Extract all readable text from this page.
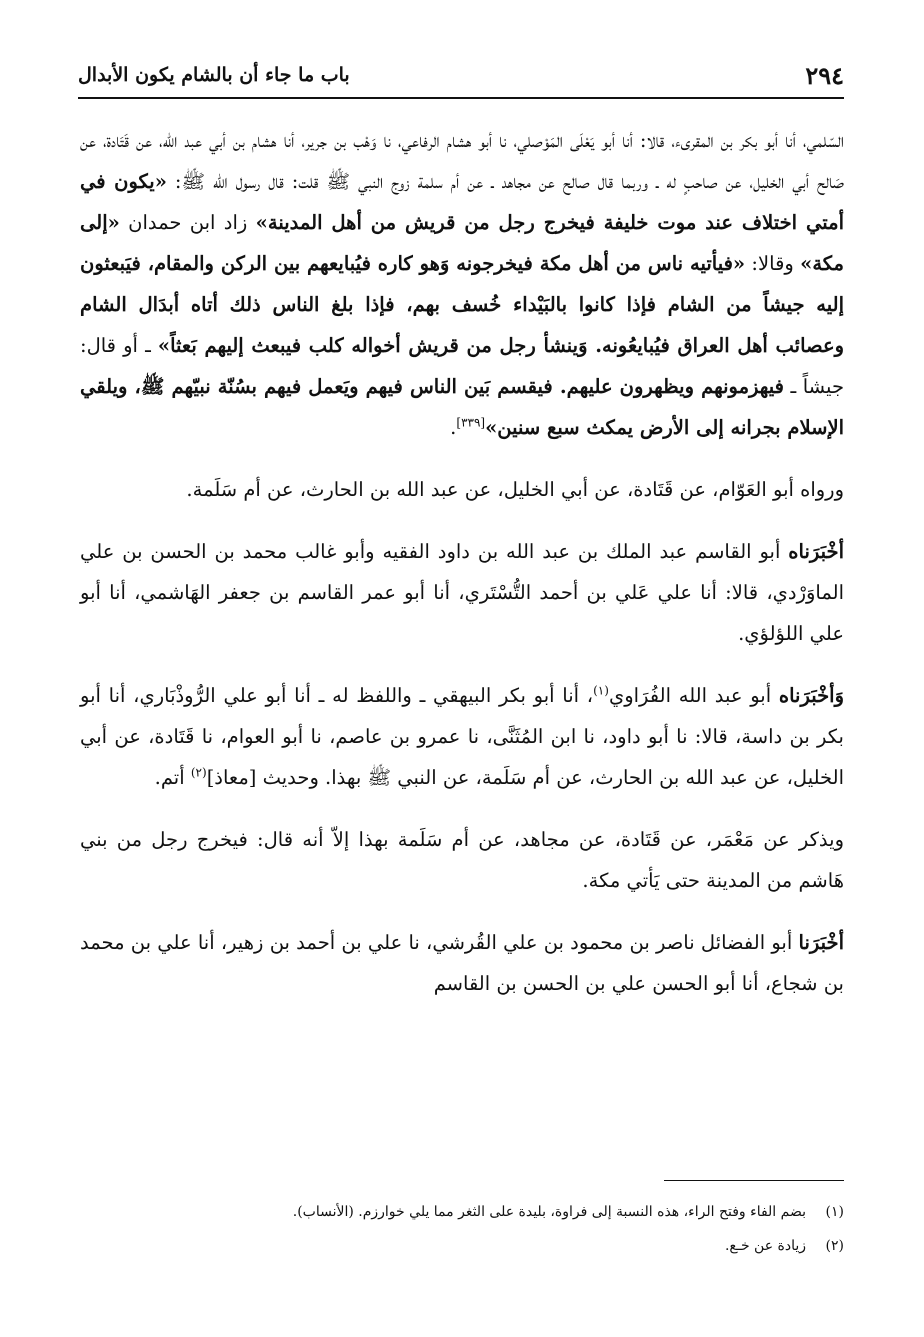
٢٩٤
باب ما جاء أن بالشام يكون الأبدال

السّلمي، أنا أبو بكر بن المقرىء، قالا: أنا أبو يَعْلَى المَوْصلي، نا أبو هشام الرفاعي، نا وَهْب بن جرير، أنا هشام بن أبي عبد الله، عن قَتَادة، عن صَالح أبي الخليل، عن صاحبٍ له ـ وربما قال صالح عن مجاهد ـ عن أم سلمة زوج النبي ﷺ قلت: قال رسول الله ﷺ: «يكون في أمتي اختلاف عند موت خليفة فيخرج رجل من قريش من أهل المدينة» زاد ابن حمدان «إلى مكة» وقالا: «فيأتيه ناس من أهل مكة فيخرجونه وَهو كاره فيُبايعهم بين الركن والمقام، فيَبعثون إليه جيشاً من الشام فإذا كانوا بالبَيْداء خُسف بهم، فإذا بلغ الناس ذلك أتاه أبدَال الشام وعصائب أهل العراق فيُبايعُونه. وَينشأ رجل من قريش أخواله كلب فيبعث إليهم بَعثاً» ـ أو قال: جيشاً ـ فيهزمونهم ويظهرون عليهم. فيقسم بَين الناس فيهم ويَعمل فيهم بسُنّة نبيّهم ﷺ، ويلقي الإسلام بجرانه إلى الأرض يمكث سبع سنين»[٣٣٩].

ورواه أبو العَوّام، عن قَتَادة، عن أبي الخليل، عن عبد الله بن الحارث، عن أم سَلَمة.

أخْبَرَناه أبو القاسم عبد الملك بن عبد الله بن داود الفقيه وأبو غالب محمد بن الحسن بن علي الماوَرْدي، قالا: أنا علي عَلي بن أحمد التُّسْتَري، أنا أبو عمر القاسم بن جعفر الهَاشمي، أنا أبو علي اللؤلؤي.

وَأخْبَرَناه أبو عبد الله الفُرَاوي$^{(١)}$، أنا أبو بكر البيهقي ـ واللفظ له ـ أنا أبو علي الرُّوذْبَاري، أنا أبو بكر بن داسة، قالا: نا أبو داود، نا ابن المُثَنَّى، نا عمرو بن عاصم، نا أبو العوام، نا قَتَادة، عن أبي الخليل، عن عبد الله بن الحارث، عن أم سَلَمة، عن النبي ﷺ بهذا. وحديث [معاذ]$^{(٢)}$ أتم.

ويذكر عن مَعْمَر، عن قَتَادة، عن مجاهد، عن أم سَلَمة بهذا إلاّ أنه قال: فيخرج رجل من بني هَاشم من المدينة حتى يَأتي مكة.

أخْبَرَنا أبو الفضائل ناصر بن محمود بن علي القُرشي، نا علي بن أحمد بن زهير، أنا علي بن محمد بن شجاع، أنا أبو الحسن علي بن الحسن بن القاسم

(١)
بضم الفاء وفتح الراء، هذه النسبة إلى فراوة، بليدة على الثغر مما يلي خوارزم. (الأنساب).
(٢)
زيادة عن خـع.
